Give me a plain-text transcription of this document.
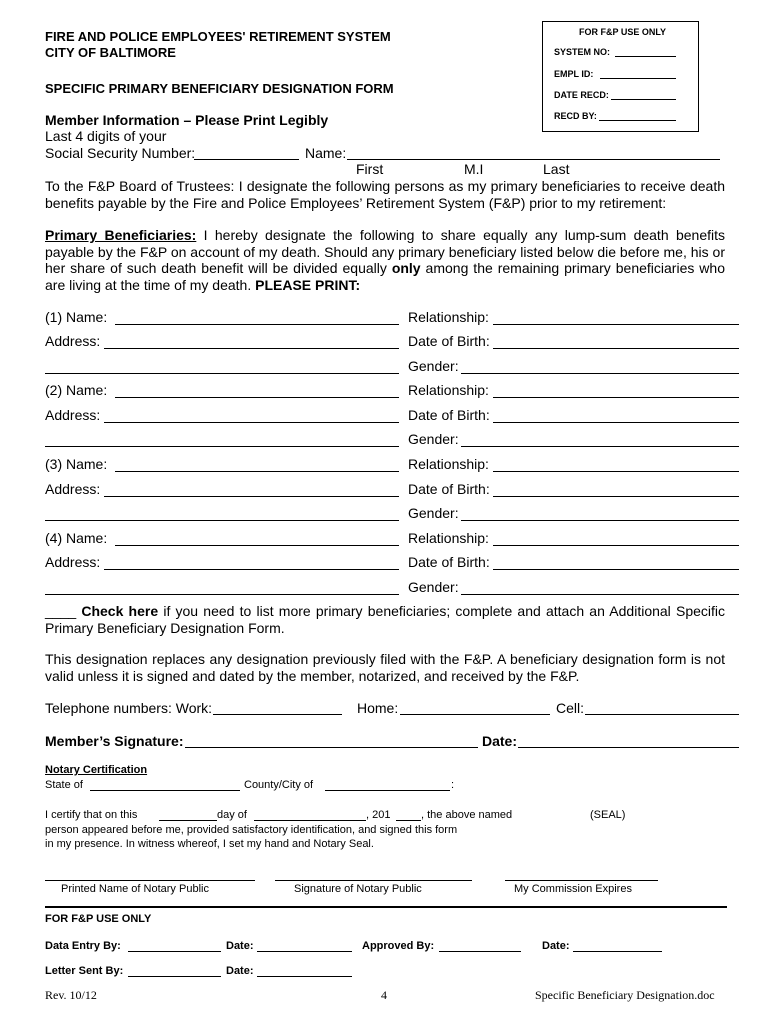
FIRE AND POLICE EMPLOYEES' RETIREMENT SYSTEM
CITY OF BALTIMORE
SPECIFIC PRIMARY BENEFICIARY DESIGNATION FORM
FOR F&P USE ONLY
SYSTEM NO:
EMPL ID:
DATE RECD:
RECD BY:
Member Information – Please Print Legibly
Last 4 digits of your
Social Security Number:	Name:
First	M.I	Last
To the F&P Board of Trustees: I designate the following persons as my primary beneficiaries to receive death benefits payable by the Fire and Police Employees’ Retirement System (F&P) prior to my retirement:
Primary Beneficiaries: I hereby designate the following to share equally any lump-sum death benefits payable by the F&P on account of my death. Should any primary beneficiary listed below die before me, his or her share of such death benefit will be divided equally only among the remaining primary beneficiaries who are living at the time of my death. PLEASE PRINT:
(1) Name:	Relationship:
Address:	Date of Birth:
Gender:
(2) Name:	Relationship:
Address:	Date of Birth:
Gender:
(3) Name:	Relationship:
Address:	Date of Birth:
Gender:
(4) Name:	Relationship:
Address:	Date of Birth:
Gender:
____ Check here if you need to list more primary beneficiaries; complete and attach an Additional Specific Primary Beneficiary Designation Form.
This designation replaces any designation previously filed with the F&P. A beneficiary designation form is not valid unless it is signed and dated by the member, notarized, and received by the F&P.
Telephone numbers: Work:	Home:	Cell:
Member’s Signature:	Date:
Notary Certification
State of	County/City of	:
I certify that on this	day of	, 201	, the above named	(SEAL)
person appeared before me, provided satisfactory identification, and signed this form
in my presence. In witness whereof, I set my hand and Notary Seal.
Printed Name of Notary Public	Signature of Notary Public	My Commission Expires
FOR F&P USE ONLY
Data Entry By:	Date:	Approved By:	Date:
Letter Sent By:	Date:
Rev. 10/12	4	Specific Beneficiary Designation.doc
